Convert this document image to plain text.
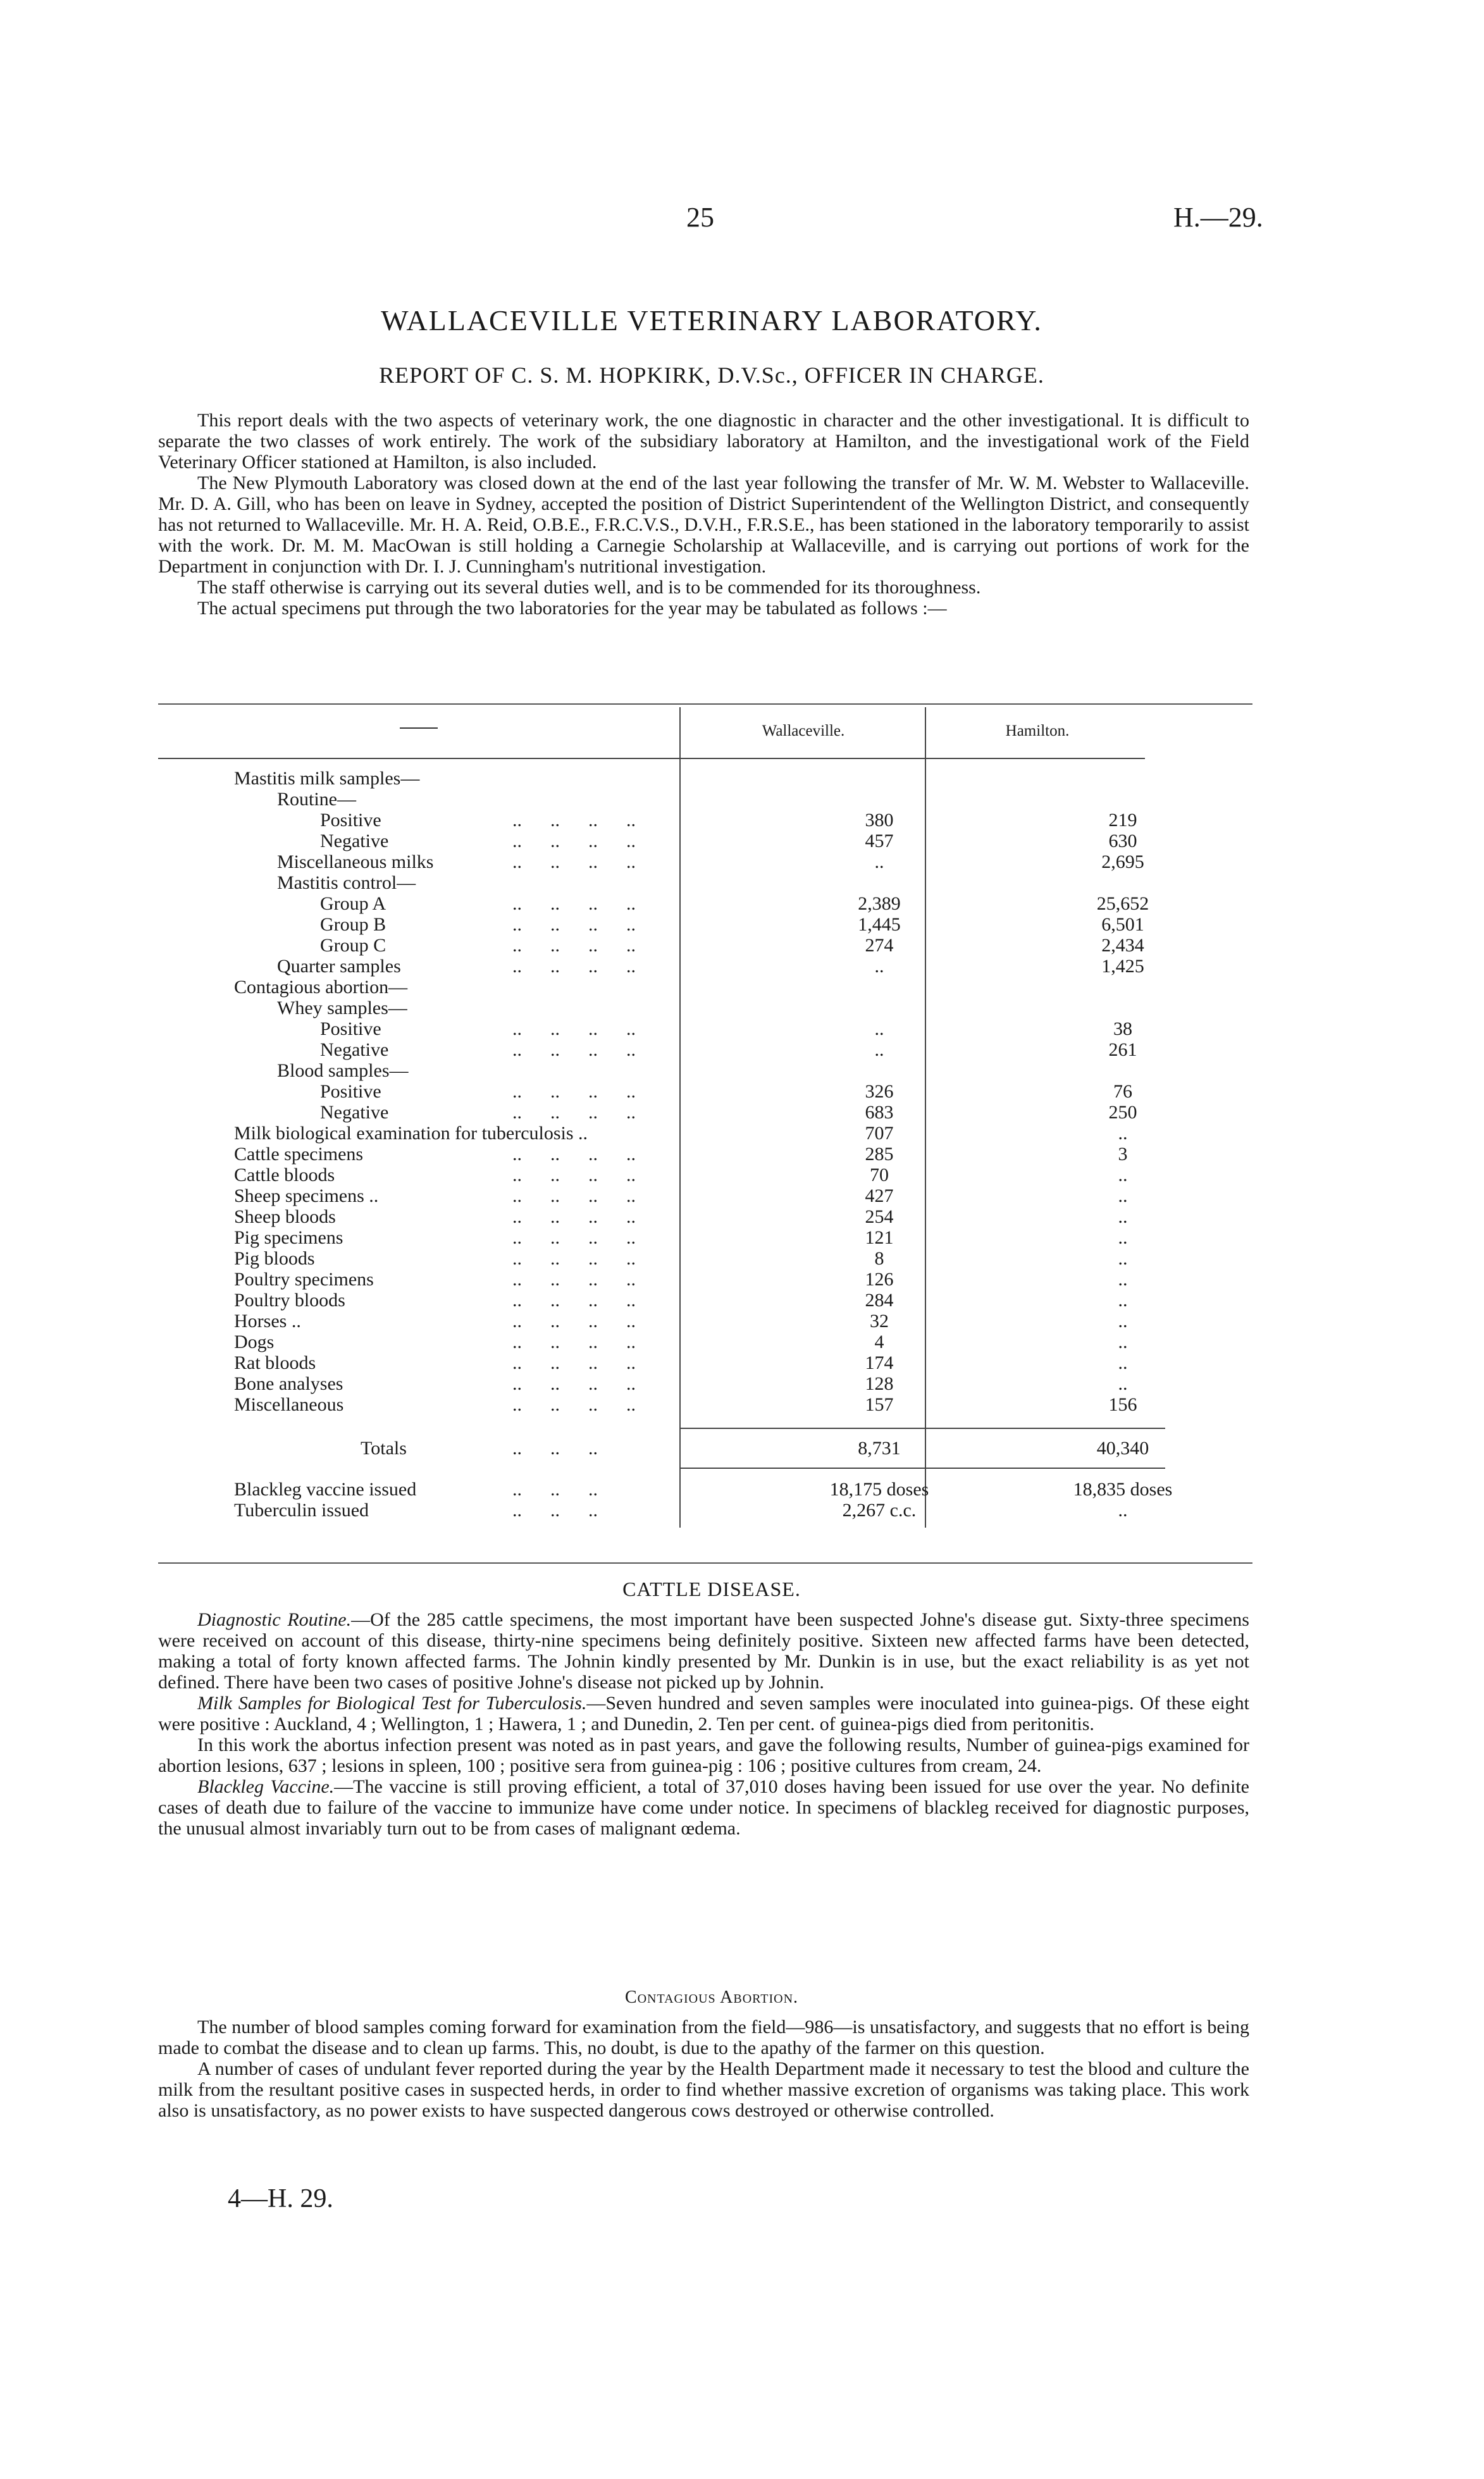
25	H.—29.
WALLACEVILLE VETERINARY LABORATORY.
REPORT OF C. S. M. HOPKIRK, D.V.Sc., OFFICER IN CHARGE.

This report deals with the two aspects of veterinary work, the one diagnostic in character and the other investigational. It is difficult to separate the two classes of work entirely. The work of the subsidiary laboratory at Hamilton, and the investigational work of the Field Veterinary Officer stationed at Hamilton, is also included.

The New Plymouth Laboratory was closed down at the end of the last year following the transfer of Mr. W. M. Webster to Wallaceville. Mr. D. A. Gill, who has been on leave in Sydney, accepted the position of District Superintendent of the Wellington District, and consequently has not returned to Wallaceville. Mr. H. A. Reid, O.B.E., F.R.C.V.S., D.V.H., F.R.S.E., has been stationed in the laboratory temporarily to assist with the work. Dr. M. M. MacOwan is still holding a Carnegie Scholarship at Wallaceville, and is carrying out portions of work for the Department in conjunction with Dr. I. J. Cunningham's nutritional investigation.

The staff otherwise is carrying out its several duties well, and is to be commended for its thoroughness.

The actual specimens put through the two laboratories for the year may be tabulated as follows :—

Wallaceville.	Hamilton.
Mastitis milk samples—
Routine—
Positive	..      ..      ..      ..	380	219
Negative	..      ..      ..      ..	457	630
Miscellaneous milks	..      ..      ..      ..	..	2,695
Mastitis control—
Group A	..      ..      ..      ..	2,389	25,652
Group B	..      ..      ..      ..	1,445	6,501
Group C	..      ..      ..      ..	274	2,434
Quarter samples	..      ..      ..      ..	..	1,425
Contagious abortion—
Whey samples—
Positive	..      ..      ..      ..	..	38
Negative	..      ..      ..      ..	..	261
Blood samples—
Positive	..      ..      ..      ..	326	76
Negative	..      ..      ..      ..	683	250
Milk biological examination for tuberculosis ..	707	..
Cattle specimens	..      ..      ..      ..	285	3
Cattle bloods	..      ..      ..      ..	70	..
Sheep specimens ..	..      ..      ..      ..	427	..
Sheep bloods	..      ..      ..      ..	254	..
Pig specimens	..      ..      ..      ..	121	..
Pig bloods	..      ..      ..      ..	8	..
Poultry specimens	..      ..      ..      ..	126	..
Poultry bloods	..      ..      ..      ..	284	..
Horses ..	..      ..      ..      ..	32	..
Dogs	..      ..      ..      ..	4	..
Rat bloods	..      ..      ..      ..	174	..
Bone analyses	..      ..      ..      ..	128	..
Miscellaneous	..      ..      ..      ..	157	156
Totals	..      ..      ..	8,731	40,340
Blackleg vaccine issued	..      ..      ..	18,175 doses	18,835 doses
Tuberculin issued	..      ..      ..	2,267 c.c.	..
CATTLE DISEASE.

Diagnostic Routine.—Of the 285 cattle specimens, the most important have been suspected Johne's disease gut. Sixty-three specimens were received on account of this disease, thirty-nine specimens being definitely positive. Sixteen new affected farms have been detected, making a total of forty known affected farms. The Johnin kindly presented by Mr. Dunkin is in use, but the exact reliability is as yet not defined. There have been two cases of positive Johne's disease not picked up by Johnin.

Milk Samples for Biological Test for Tuberculosis.—Seven hundred and seven samples were inoculated into guinea-pigs. Of these eight were positive : Auckland, 4 ; Wellington, 1 ; Hawera, 1 ; and Dunedin, 2. Ten per cent. of guinea-pigs died from peritonitis.

In this work the abortus infection present was noted as in past years, and gave the following results, Number of guinea-pigs examined for abortion lesions, 637 ; lesions in spleen, 100 ; positive sera from guinea-pig : 106 ; positive cultures from cream, 24.

Blackleg Vaccine.—The vaccine is still proving efficient, a total of 37,010 doses having been issued for use over the year. No definite cases of death due to failure of the vaccine to immunize have come under notice. In specimens of blackleg received for diagnostic purposes, the unusual almost invariably turn out to be from cases of malignant œdema.

Contagious Abortion.

The number of blood samples coming forward for examination from the field—986—is unsatisfactory, and suggests that no effort is being made to combat the disease and to clean up farms. This, no doubt, is due to the apathy of the farmer on this question.

A number of cases of undulant fever reported during the year by the Health Department made it necessary to test the blood and culture the milk from the resultant positive cases in suspected herds, in order to find whether massive excretion of organisms was taking place. This work also is unsatisfactory, as no power exists to have suspected dangerous cows destroyed or otherwise controlled.

4—H. 29.
